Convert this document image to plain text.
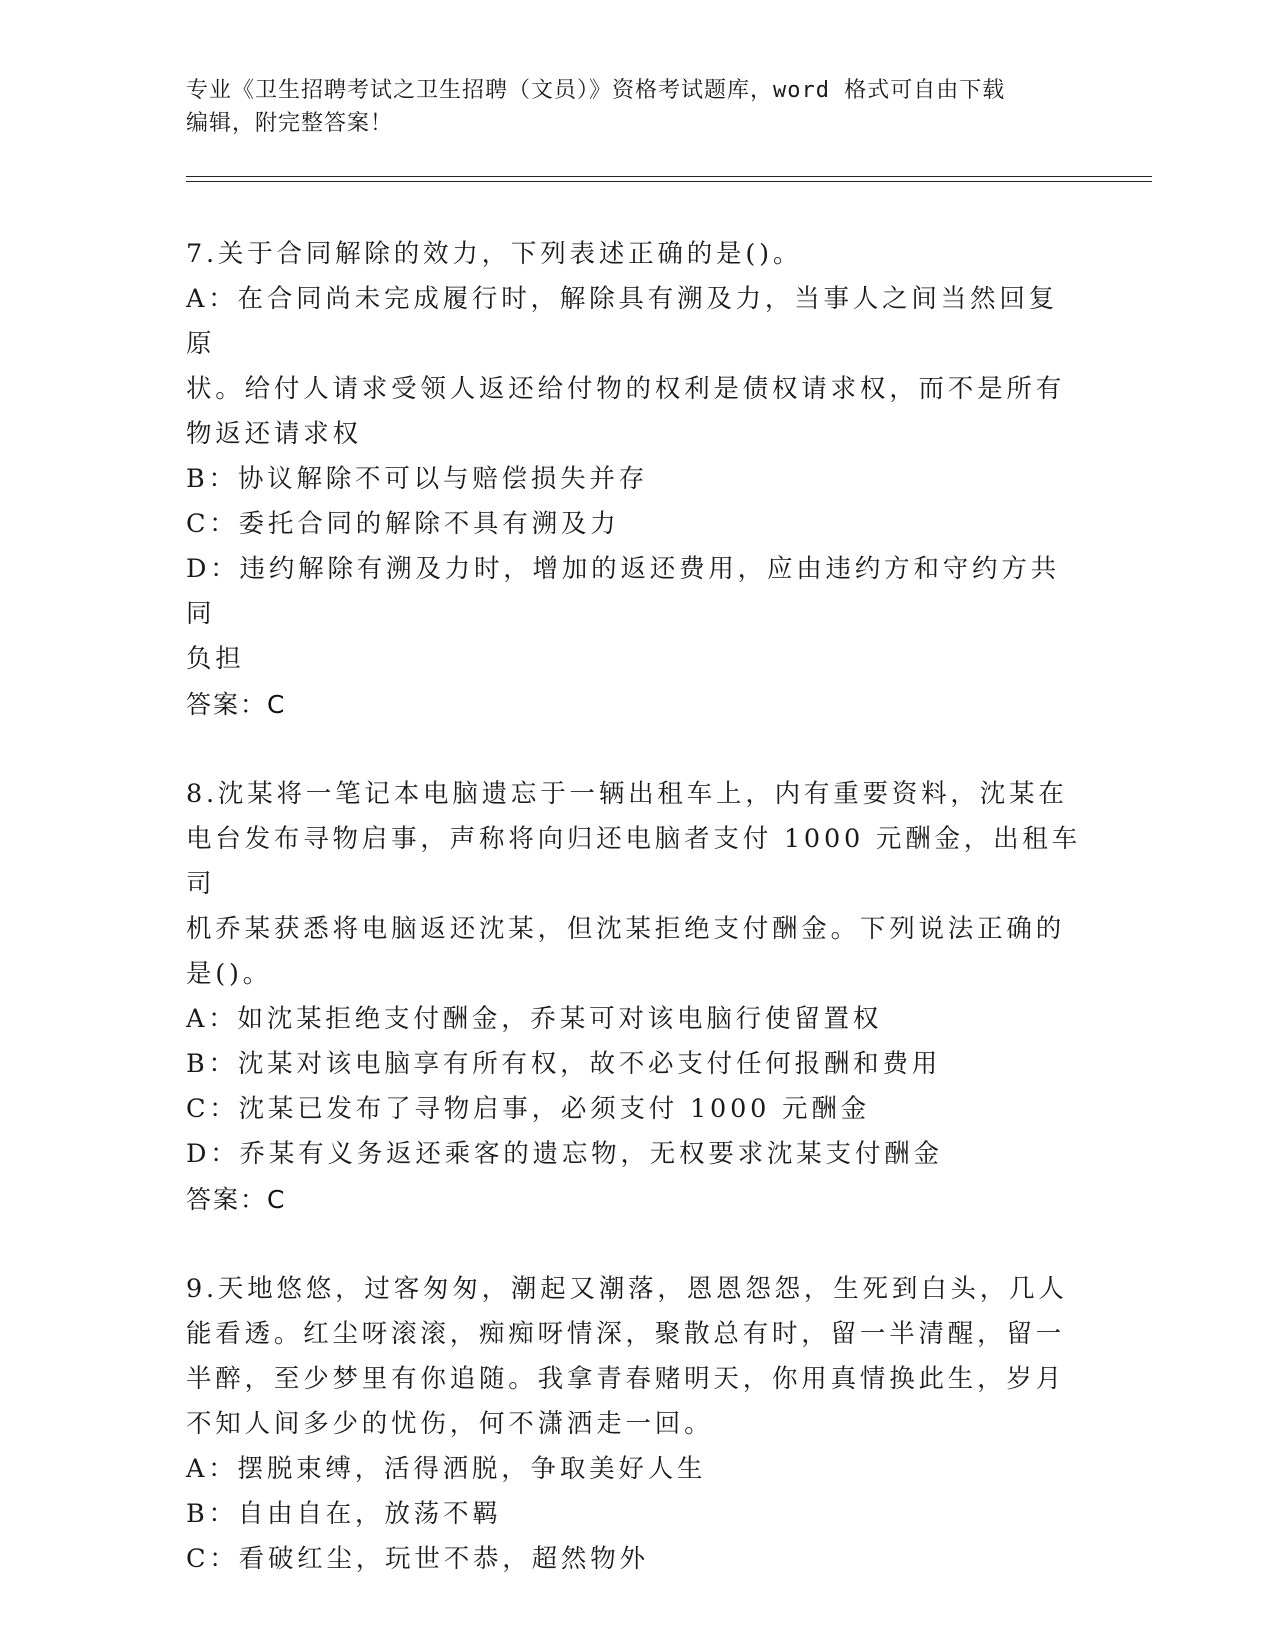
专业《卫生招聘考试之卫生招聘（文员）》资格考试题库，word 格式可自由下载
编辑，附完整答案！
7.关于合同解除的效力，下列表述正确的是()。
A：在合同尚未完成履行时，解除具有溯及力，当事人之间当然回复原
状。给付人请求受领人返还给付物的权利是债权请求权，而不是所有
物返还请求权
B：协议解除不可以与赔偿损失并存
C：委托合同的解除不具有溯及力
D：违约解除有溯及力时，增加的返还费用，应由违约方和守约方共同
负担
答案：C
8.沈某将一笔记本电脑遗忘于一辆出租车上，内有重要资料，沈某在
电台发布寻物启事，声称将向归还电脑者支付 1000 元酬金，出租车司
机乔某获悉将电脑返还沈某，但沈某拒绝支付酬金。下列说法正确的
是()。
A：如沈某拒绝支付酬金，乔某可对该电脑行使留置权
B：沈某对该电脑享有所有权，故不必支付任何报酬和费用
C：沈某已发布了寻物启事，必须支付 1000 元酬金
D：乔某有义务返还乘客的遗忘物，无权要求沈某支付酬金
答案：C
9.天地悠悠，过客匆匆，潮起又潮落，恩恩怨怨，生死到白头，几人
能看透。红尘呀滚滚，痴痴呀情深，聚散总有时，留一半清醒，留一
半醉，至少梦里有你追随。我拿青春赌明天，你用真情换此生，岁月
不知人间多少的忧伤，何不潇洒走一回。
A：摆脱束缚，活得洒脱，争取美好人生
B：自由自在，放荡不羁
C：看破红尘，玩世不恭，超然物外
